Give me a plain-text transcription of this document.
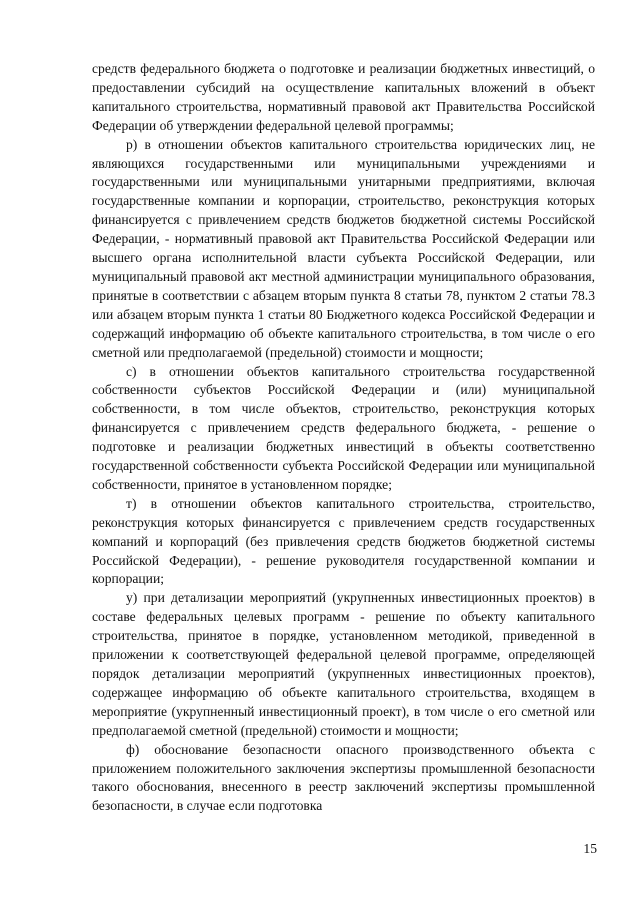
средств федерального бюджета о подготовке и реализации бюджетных инвестиций, о предоставлении субсидий на осуществление капитальных вложений в объект капитального строительства, нормативный правовой акт Правительства Российской Федерации об утверждении федеральной целевой программы;

р) в отношении объектов капитального строительства юридических лиц, не являющихся государственными или муниципальными учреждениями и государственными или муниципальными унитарными предприятиями, включая государственные компании и корпорации, строительство, реконструкция которых финансируется с привлечением средств бюджетов бюджетной системы Российской Федерации, - нормативный правовой акт Правительства Российской Федерации или высшего органа исполнительной власти субъекта Российской Федерации, или муниципальный правовой акт местной администрации муниципального образования, принятые в соответствии с абзацем вторым пункта 8 статьи 78, пунктом 2 статьи 78.3 или абзацем вторым пункта 1 статьи 80 Бюджетного кодекса Российской Федерации и содержащий информацию об объекте капитального строительства, в том числе о его сметной или предполагаемой (предельной) стоимости и мощности;

с) в отношении объектов капитального строительства государственной собственности субъектов Российской Федерации и (или) муниципальной собственности, в том числе объектов, строительство, реконструкция которых финансируется с привлечением средств федерального бюджета, - решение о подготовке и реализации бюджетных инвестиций в объекты соответственно государственной собственности субъекта Российской Федерации или муниципальной собственности, принятое в установленном порядке;

т) в отношении объектов капитального строительства, строительство, реконструкция которых финансируется с привлечением средств государственных компаний и корпораций (без привлечения средств бюджетов бюджетной системы Российской Федерации), - решение руководителя государственной компании и корпорации;

у) при детализации мероприятий (укрупненных инвестиционных проектов) в составе федеральных целевых программ - решение по объекту капитального строительства, принятое в порядке, установленном методикой, приведенной в приложении к соответствующей федеральной целевой программе, определяющей порядок детализации мероприятий (укрупненных инвестиционных проектов), содержащее информацию об объекте капитального строительства, входящем в мероприятие (укрупненный инвестиционный проект), в том числе о его сметной или предполагаемой сметной (предельной) стоимости и мощности;

ф) обоснование безопасности опасного производственного объекта с приложением положительного заключения экспертизы промышленной безопасности такого обоснования, внесенного в реестр заключений экспертизы промышленной безопасности, в случае если подготовка

15
